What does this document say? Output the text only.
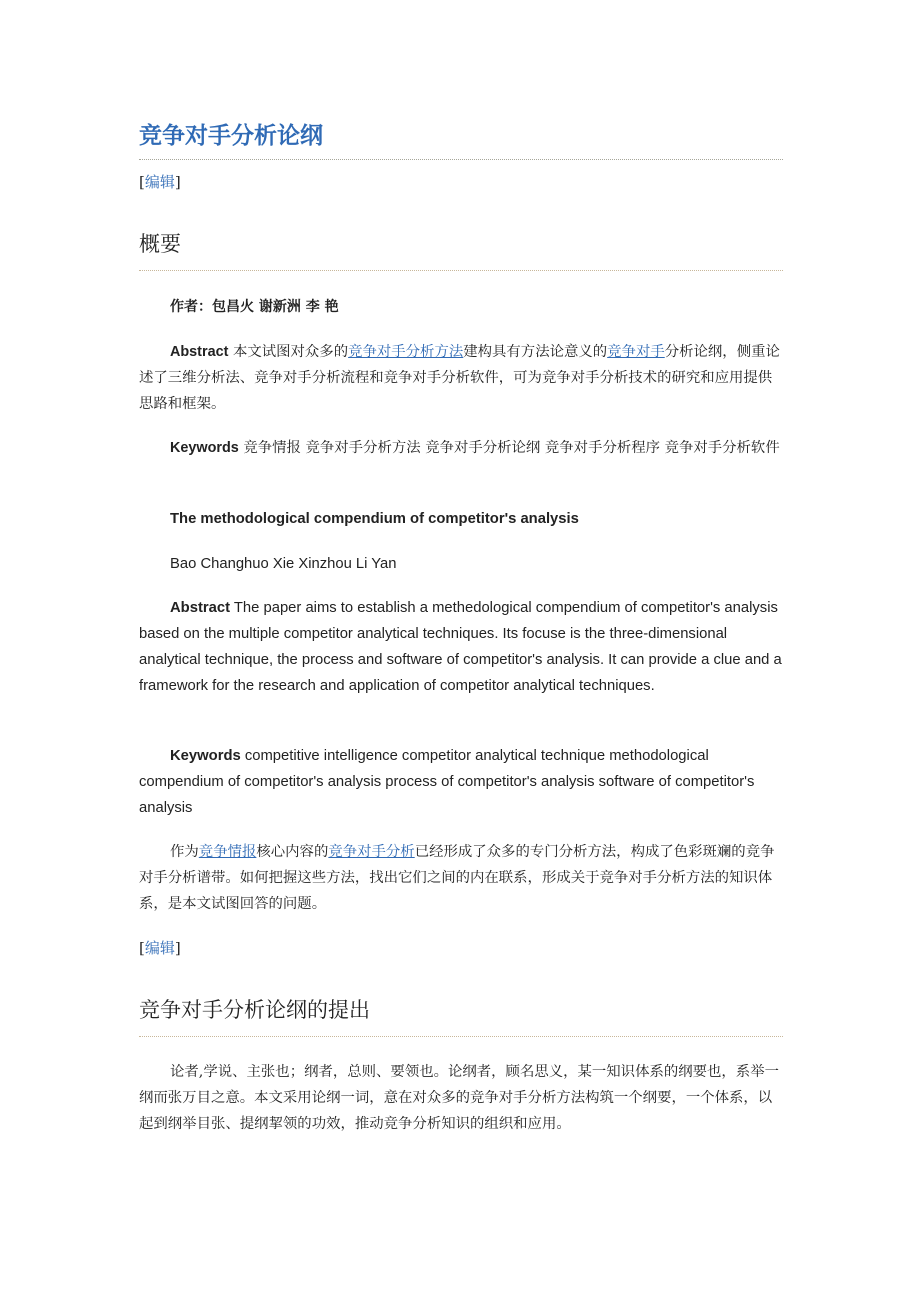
竞争对手分析论纲
[编辑]
概要

作者：包昌火 谢新洲 李 艳

Abstract 本文试图对众多的竞争对手分析方法建构具有方法论意义的竞争对手分析论纲，侧重论述了三维分析法、竞争对手分析流程和竞争对手分析软件，可为竞争对手分析技术的研究和应用提供思路和框架。

Keywords 竞争情报 竞争对手分析方法 竞争对手分析论纲 竞争对手分析程序 竞争对手分析软件

The methodological compendium of competitor's analysis

Bao Changhuo Xie Xinzhou Li Yan

Abstract The paper aims to establish a methedological compendium of competitor's analysis based on the multiple competitor analytical techniques. Its focuse is the three-dimensional analytical technique, the process and software of competitor's analysis. It can provide a clue and a framework for the research and application of competitor analytical techniques.

Keywords competitive intelligence competitor analytical technique methodological compendium of competitor's analysis process of competitor's analysis software of competitor's analysis

作为竞争情报核心内容的竞争对手分析已经形成了众多的专门分析方法，构成了色彩斑斓的竞争对手分析谱带。如何把握这些方法，找出它们之间的内在联系，形成关于竞争对手分析方法的知识体系，是本文试图回答的问题。

[编辑]
竞争对手分析论纲的提出

论者,学说、主张也；纲者，总则、要领也。论纲者，顾名思义，某一知识体系的纲要也，系举一纲而张万目之意。本文采用论纲一词，意在对众多的竞争对手分析方法构筑一个纲要，一个体系，以起到纲举目张、提纲挈领的功效，推动竞争分析知识的组织和应用。
